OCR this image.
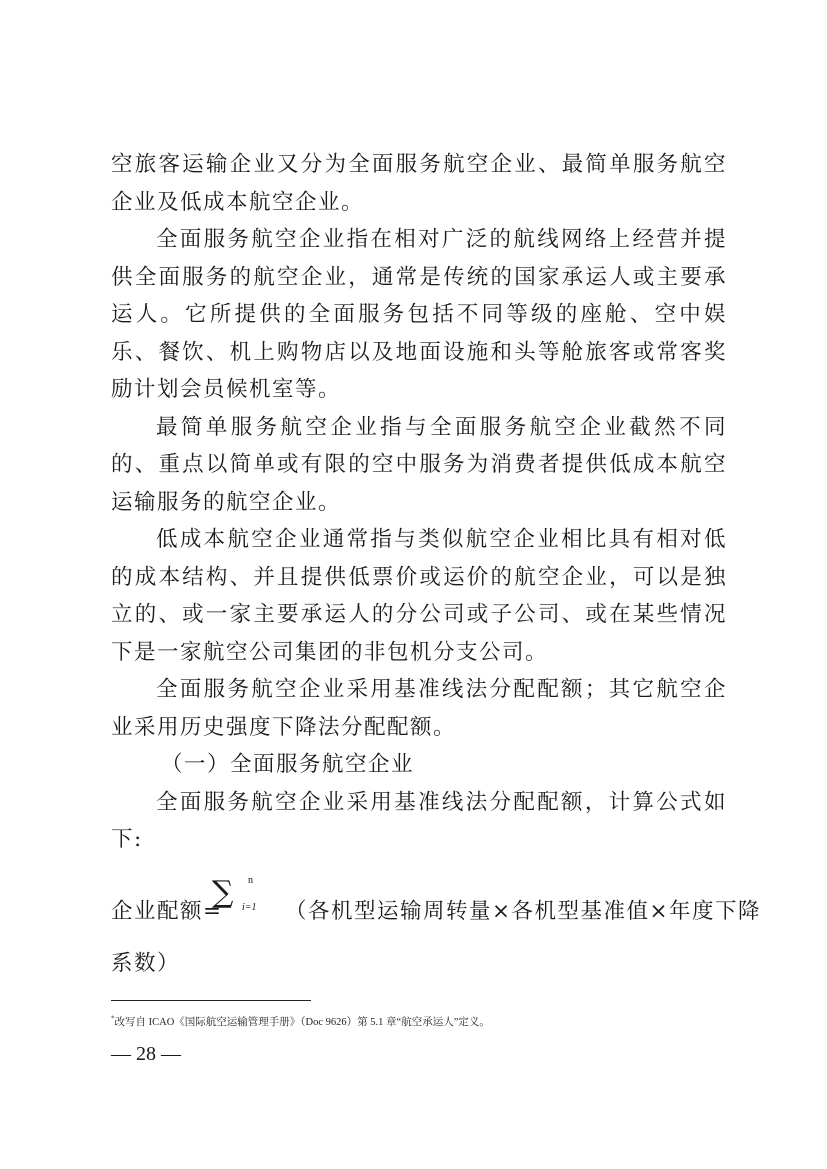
空旅客运输企业又分为全面服务航空企业、最简单服务航空企业及低成本航空企业。

全面服务航空企业指在相对广泛的航线网络上经营并提供全面服务的航空企业，通常是传统的国家承运人或主要承运人。它所提供的全面服务包括不同等级的座舱、空中娱乐、餐饮、机上购物店以及地面设施和头等舱旅客或常客奖励计划会员候机室等。

最简单服务航空企业指与全面服务航空企业截然不同的、重点以简单或有限的空中服务为消费者提供低成本航空运输服务的航空企业。

低成本航空企业通常指与类似航空企业相比具有相对低的成本结构、并且提供低票价或运价的航空企业，可以是独立的、或一家主要承运人的分公司或子公司、或在某些情况下是一家航空公司集团的非包机分支公司。

全面服务航空企业采用基准线法分配配额；其它航空企业采用历史强度下降法分配配额。

（一）全面服务航空企业

全面服务航空企业采用基准线法分配配额，计算公式如下:

企业配额=
∑ n
i=1 （各机型运输周转量×各机型基准值×年度下降

系数）

*改写自 ICAO《国际航空运输管理手册》（Doc 9626）第 5.1 章“航空承运人”定义。
— 28 —
